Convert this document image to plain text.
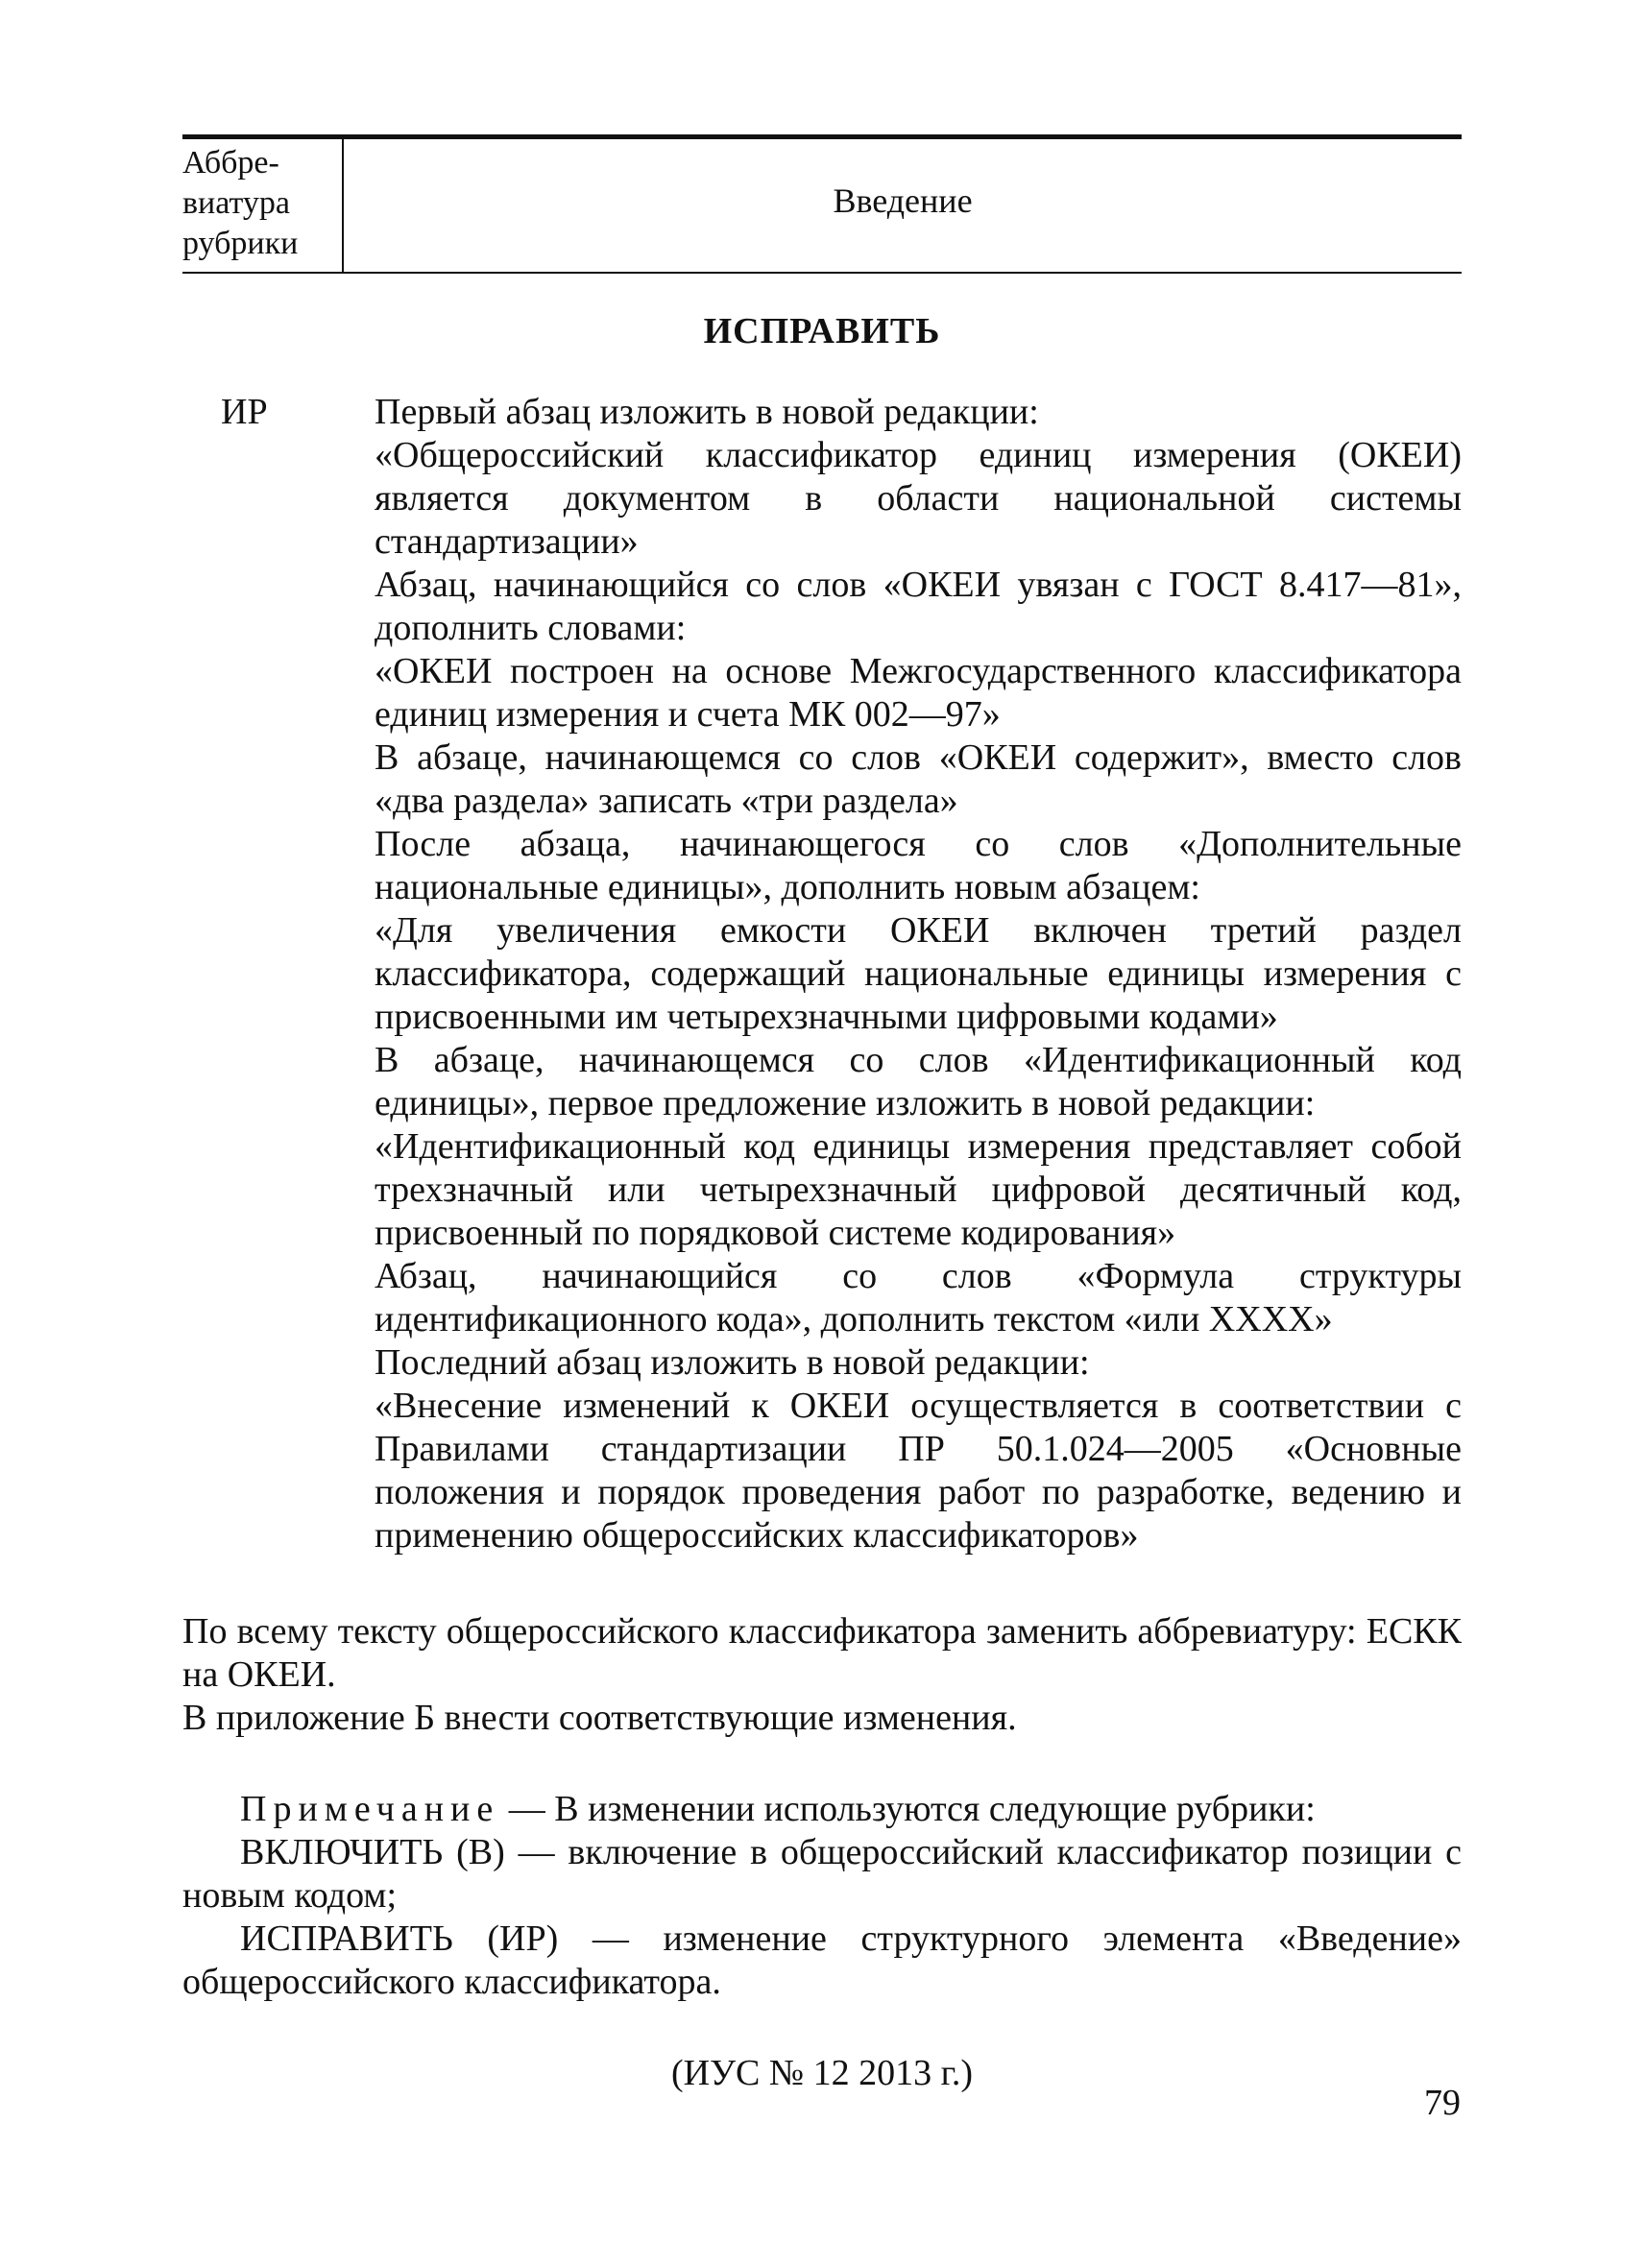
Аббре-
виатура
рубрики
Введение
ИСПРАВИТЬ
ИР	Первый абзац изложить в новой редакции:

«Общероссийский классификатор единиц измерения (ОКЕИ) является документом в области национальной системы стандартизации»

Абзац, начинающийся со слов «ОКЕИ увязан с ГОСТ 8.417—81», дополнить словами:

«ОКЕИ построен на основе Межгосударственного классификатора единиц измерения и счета МК 002—97»

В абзаце, начинающемся со слов «ОКЕИ содержит», вместо слов «два раздела» записать «три раздела»

После абзаца, начинающегося со слов «Дополнительные национальные единицы», дополнить новым абзацем:

«Для увеличения емкости ОКЕИ включен третий раздел классификатора, содержащий национальные единицы измерения с присвоенными им четырехзначными цифровыми кодами»

В абзаце, начинающемся со слов «Идентификационный код единицы», первое предложение изложить в новой редакции:

«Идентификационный код единицы измерения представляет собой трехзначный или четырехзначный цифровой десятичный код, присвоенный по порядковой системе кодирования»

Абзац, начинающийся со слов «Формула структуры идентификационного кода», дополнить текстом «или XXXX»

Последний абзац изложить в новой редакции:

«Внесение изменений к ОКЕИ осуществляется в соответствии с Правилами стандартизации ПР 50.1.024—2005 «Основные положения и порядок проведения работ по разработке, ведению и применению общероссийских классификаторов»

По всему тексту общероссийского классификатора заменить аббревиатуру: ЕСКК на ОКЕИ.

В приложение Б внести соответствующие изменения.

Примечание — В изменении используются следующие рубрики:

ВКЛЮЧИТЬ (В) — включение в общероссийский классификатор позиции с новым кодом;

ИСПРАВИТЬ (ИР) — изменение структурного элемента «Введение» общероссийского классификатора.

(ИУС № 12 2013 г.)
79
